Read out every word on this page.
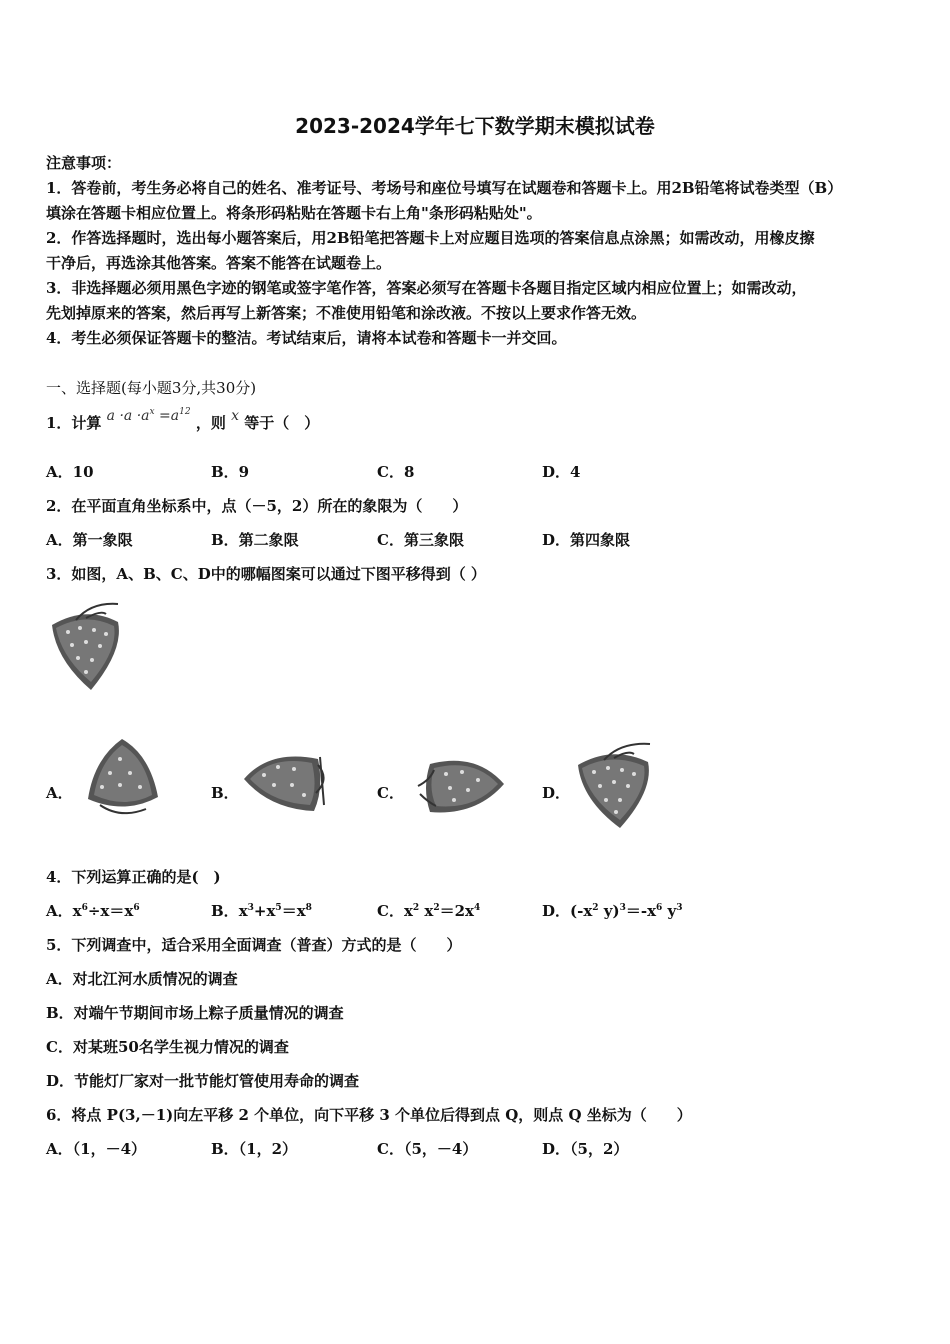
2023-2024学年七下数学期末模拟试卷
注意事项：
1．答卷前，考生务必将自己的姓名、准考证号、考场号和座位号填写在试题卷和答题卡上。用2B铅笔将试卷类型（B）
填涂在答题卡相应位置上。将条形码粘贴在答题卡右上角"条形码粘贴处"。
2．作答选择题时，选出每小题答案后，用2B铅笔把答题卡上对应题目选项的答案信息点涂黑；如需改动，用橡皮擦
干净后，再选涂其他答案。答案不能答在试题卷上。
3．非选择题必须用黑色字迹的钢笔或签字笔作答，答案必须写在答题卡各题目指定区域内相应位置上；如需改动，
先划掉原来的答案，然后再写上新答案；不准使用铅笔和涂改液。不按以上要求作答无效。
4．考生必须保证答题卡的整洁。考试结束后，请将本试卷和答题卡一并交回。
一、选择题(每小题3分,共30分)
1．计算 $a \cdot a \cdot a^x =a^{12}$ ，则 x 等于（　）
A．10	B．9	C．8	D．4
2．在平面直角坐标系中，点（－5，2）所在的象限为（　　）
A．第一象限	B．第二象限	C．第三象限	D．第四象限
3．如图，A、B、C、D中的哪幅图案可以通过下图平移得到（ ）
A．	B．	C．	D．
4．下列运算正确的是(　)
A．$x^6\div x=x^6$	B．$x^3+x^5=x^8$	C．$x^2$ $x^2=2x^4$	D．($-x^2$ $y)^3=-x^6$ $y^3$
5．下列调查中，适合采用全面调查（普查）方式的是（　　）
A．对北江河水质情况的调查
B．对端午节期间市场上粽子质量情况的调查
C．对某班50名学生视力情况的调查
D．节能灯厂家对一批节能灯管使用寿命的调查
6．将点 P(3,－1)向左平移 2 个单位，向下平移 3 个单位后得到点 Q，则点 Q 坐标为（　　）
A．（1，－4）	B．（1，2）	C．（5，－4）	D．（5，2）
